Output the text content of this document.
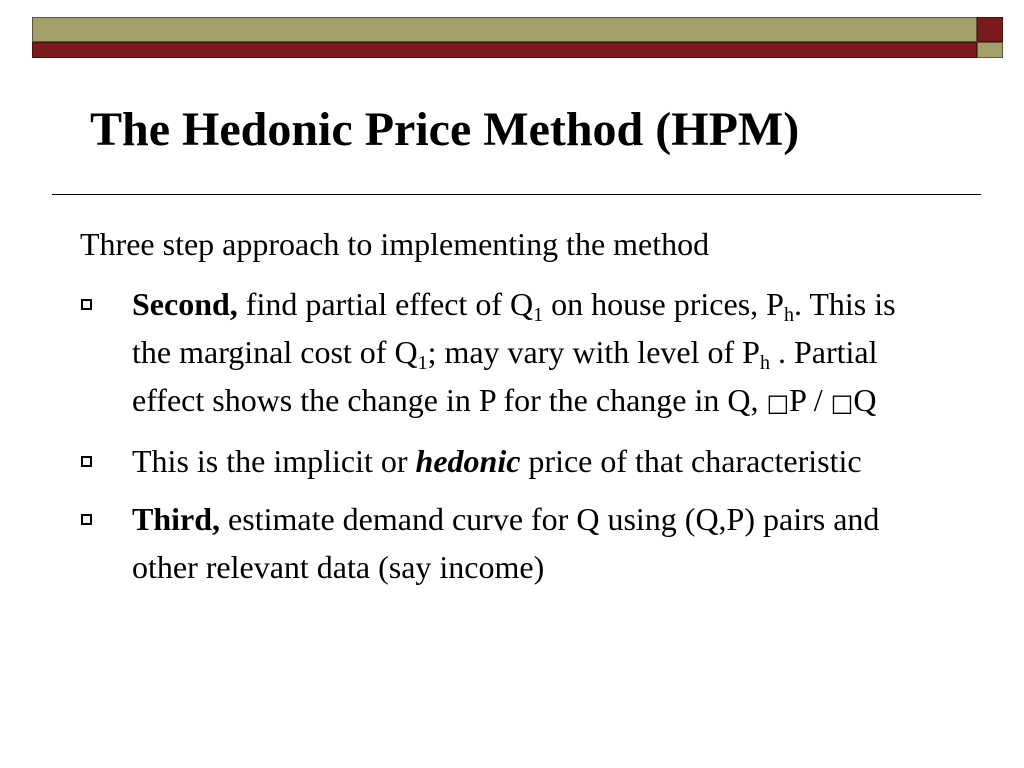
The Hedonic Price Method (HPM)

Three step approach to implementing the method

Second, find partial effect of $Q_1$ on house prices, $P_h$. This is the marginal cost of $Q_1$; may vary with level of $P_h$ . Partial effect shows the change in P for the change in Q, □P / □Q
This is the implicit or hedonic price of that characteristic
Third, estimate demand curve for Q using (Q,P) pairs and other relevant data (say income)
